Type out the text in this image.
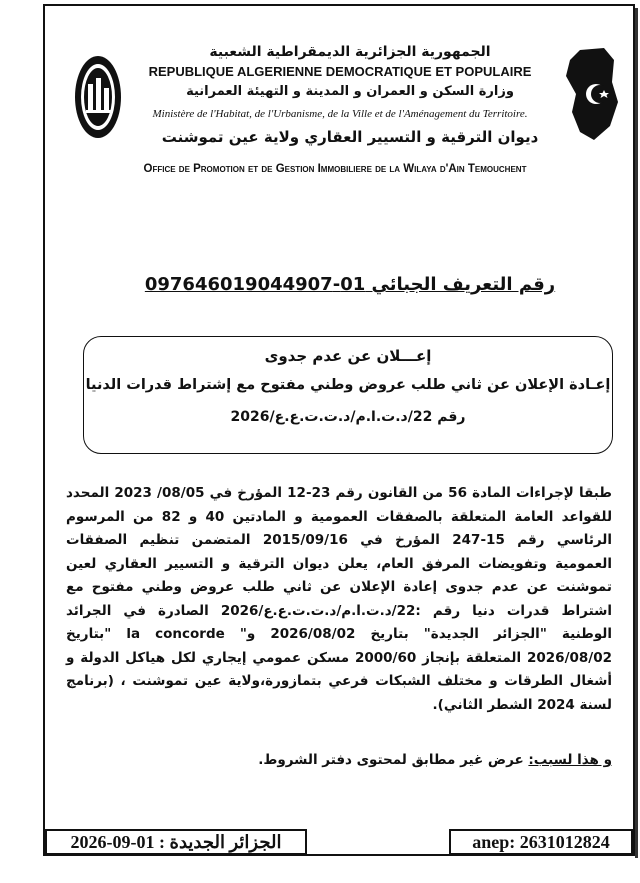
الجمهورية الجزائرية الديمقراطية الشعبية
REPUBLIQUE ALGERIENNE DEMOCRATIQUE ET POPULAIRE
وزارة السكن و العمران و المدينة و التهيئة العمرانية
Ministère de l'Habitat, de l'Urbanisme, de la Ville et de l'Aménagement du Territoire.
ديوان الترقية و التسيير العقاري ولاية عين تموشنت
Office de Promotion et de Gestion Immobiliere de la Wilaya d'Ain Temouchent
رقم التعريف الجبائي 01-097646019044907
إعـــلان عن عدم جدوى
إعـادة الإعلان عن ثاني طلب عروض وطني مفتوح مع إشتراط قدرات الدنيا
رقم 22/د.ت.ا.م/د.ت.ت.ع.ع/2026
طبقا لإجراءات المادة 56 من القانون رقم 23-12 المؤرخ في 08/05/ 2023 المحدد للقواعد العامة المتعلقة بالصفقات العمومية و المادتين 40 و 82 من المرسوم الرئاسي رقم 15-247 المؤرخ في 2015/09/16 المتضمن تنظيم الصفقات العمومية وتفويضات المرفق العام، يعلن ديوان الترقية و التسيير العقاري لعين تموشنت عن عدم جدوى إعادة الإعلان عن ثاني طلب عروض وطني مفتوح مع اشتراط قدرات دنيا رقم :22/د.ت.ا.م/د.ت.ت.ع.ع/2026 الصادرة في الجرائد الوطنية "الجزائر الجديدة" بتاريخ 2026/08/02 و" la concorde "بتاريخ 2026/08/02 المتعلقة بإنجاز 2000/60 مسكن عمومي إيجاري لكل هياكل الدولة و أشغال الطرقات و مختلف الشبكات فرعي بتمازورة،ولاية عين تموشنت ، (برنامج لسنة 2024 الشطر الثاني).
و هذا لسبب: عرض غير مطابق لمحتوى دفتر الشروط.
الجزائر الجديدة : 01-09-2026	anep: 2631012824
